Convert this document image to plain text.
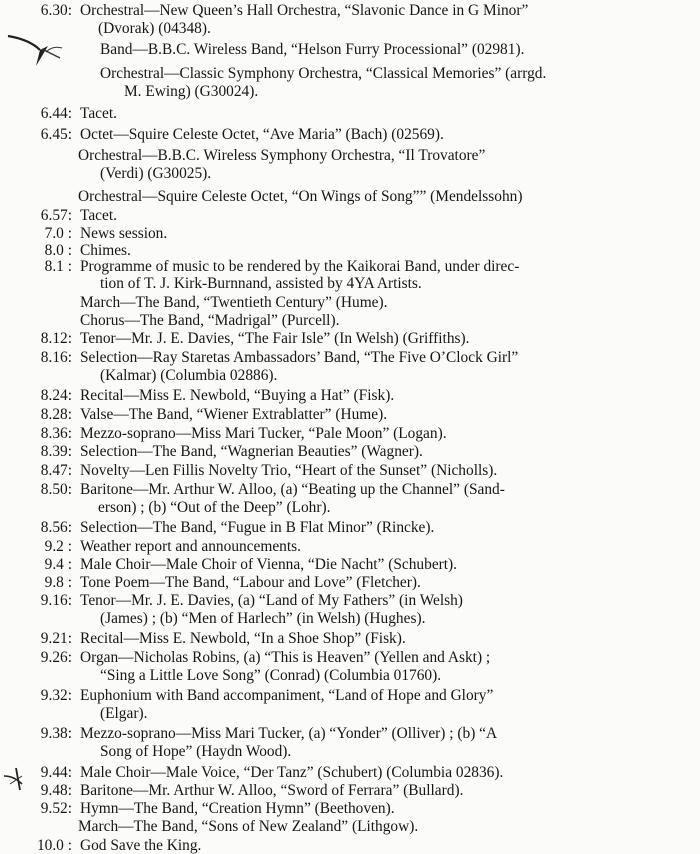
6.30: Orchestral—New Queen’s Hall Orchestra, “Slavonic Dance in G Minor”
(Dvorak) (04348).
Band—B.B.C. Wireless Band, “Helson Furry Processional” (02981).
Orchestral—Classic Symphony Orchestra, “Classical Memories” (arrgd.
M. Ewing) (G30024).
6.44: Tacet.
6.45: Octet—Squire Celeste Octet, “Ave Maria” (Bach) (02569).
Orchestral—B.B.C. Wireless Symphony Orchestra, “Il Trovatore”
(Verdi) (G30025).
Orchestral—Squire Celeste Octet, “On Wings of Song”” (Mendelssohn)
6.57: Tacet.
7.0 : News session.
8.0 : Chimes.
8.1 : Programme of music to be rendered by the Kaikorai Band, under direc-
tion of T. J. Kirk-Burnnand, assisted by 4YA Artists.
March—The Band, “Twentieth Century” (Hume).
Chorus—The Band, “Madrigal” (Purcell).
8.12: Tenor—Mr. J. E. Davies, “The Fair Isle” (In Welsh) (Griffiths).
8.16: Selection—Ray Staretas Ambassadors’ Band, “The Five O’Clock Girl”
(Kalmar) (Columbia 02886).
8.24: Recital—Miss E. Newbold, “Buying a Hat” (Fisk).
8.28: Valse—The Band, “Wiener Extrablatter” (Hume).
8.36: Mezzo-soprano—Miss Mari Tucker, “Pale Moon” (Logan).
8.39: Selection—The Band, “Wagnerian Beauties” (Wagner).
8.47: Novelty—Len Fillis Novelty Trio, “Heart of the Sunset” (Nicholls).
8.50: Baritone—Mr. Arthur W. Alloo, (a) “Beating up the Channel” (Sand-
erson) ; (b) “Out of the Deep” (Lohr).
8.56: Selection—The Band, “Fugue in B Flat Minor” (Rincke).
9.2 : Weather report and announcements.
9.4 : Male Choir—Male Choir of Vienna, “Die Nacht” (Schubert).
9.8 : Tone Poem—The Band, “Labour and Love” (Fletcher).
9.16: Tenor—Mr. J. E. Davies, (a) “Land of My Fathers” (in Welsh)
(James) ; (b) “Men of Harlech” (in Welsh) (Hughes).
9.21: Recital—Miss E. Newbold, “In a Shoe Shop” (Fisk).
9.26: Organ—Nicholas Robins, (a) “This is Heaven” (Yellen and Askt) ;
“Sing a Little Love Song” (Conrad) (Columbia 01760).
9.32: Euphonium with Band accompaniment, “Land of Hope and Glory”
(Elgar).
9.38: Mezzo-soprano—Miss Mari Tucker, (a) “Yonder” (Olliver) ; (b) “A
Song of Hope” (Haydn Wood).
9.44: Male Choir—Male Voice, “Der Tanz” (Schubert) (Columbia 02836).
9.48: Baritone—Mr. Arthur W. Alloo, “Sword of Ferrara” (Bullard).
9.52: Hymn—The Band, “Creation Hymn” (Beethoven).
March—The Band, “Sons of New Zealand” (Lithgow).
10.0 : God Save the King.
